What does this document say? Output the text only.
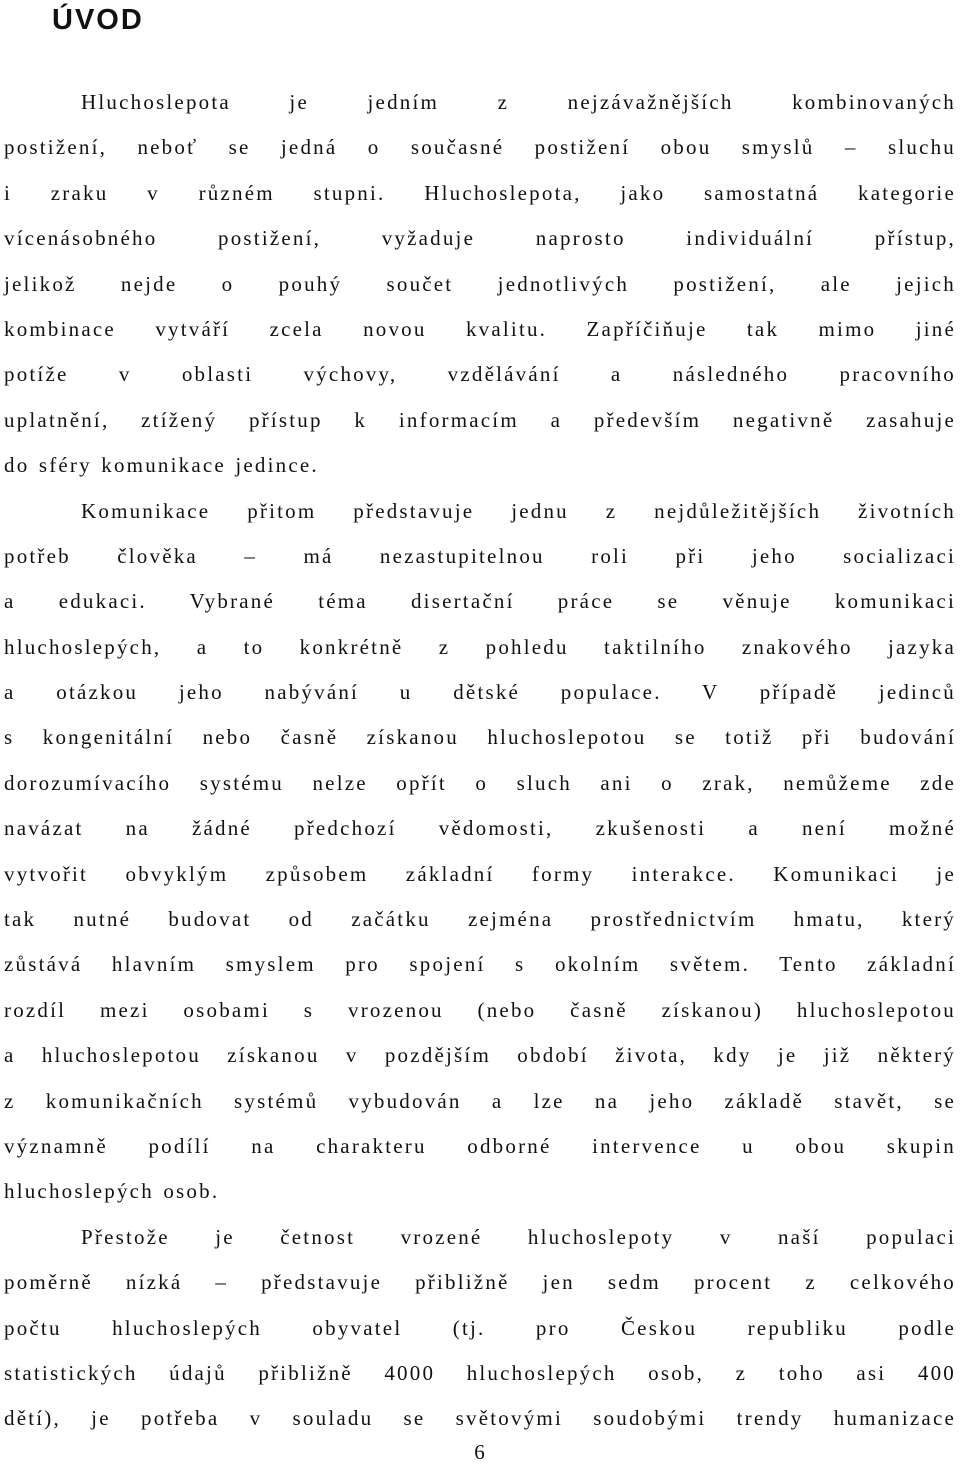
ÚVOD
Hluchoslepota je jedním z nejzávažnějších kombinovaných
postižení, neboť se jedná o současné postižení obou smyslů – sluchu
i zraku v různém stupni. Hluchoslepota, jako samostatná kategorie
vícenásobného postižení, vyžaduje naprosto individuální přístup,
jelikož nejde o pouhý součet jednotlivých postižení, ale jejich
kombinace vytváří zcela novou kvalitu. Zapříčiňuje tak mimo jiné
potíže v oblasti výchovy, vzdělávání a následného pracovního
uplatnění, ztížený přístup k informacím a především negativně zasahuje
do sféry komunikace jedince.
Komunikace přitom představuje jednu z nejdůležitějších životních
potřeb člověka – má nezastupitelnou roli při jeho socializaci
a edukaci. Vybrané téma disertační práce se věnuje komunikaci
hluchoslepých, a to konkrétně z pohledu taktilního znakového jazyka
a otázkou jeho nabývání u dětské populace. V případě jedinců
s kongenitální nebo časně získanou hluchoslepotou se totiž při budování
dorozumívacího systému nelze opřít o sluch ani o zrak, nemůžeme zde
navázat na žádné předchozí vědomosti, zkušenosti a není možné
vytvořit obvyklým způsobem základní formy interakce. Komunikaci je
tak nutné budovat od začátku zejména prostřednictvím hmatu, který
zůstává hlavním smyslem pro spojení s okolním světem. Tento základní
rozdíl mezi osobami s vrozenou (nebo časně získanou) hluchoslepotou
a hluchoslepotou získanou v pozdějším období života, kdy je již některý
z komunikačních systémů vybudován a lze na jeho základě stavět, se
významně podílí na charakteru odborné intervence u obou skupin
hluchoslepých osob.
Přestože je četnost vrozené hluchoslepoty v naší populaci
poměrně nízká – představuje přibližně jen sedm procent z celkového
počtu hluchoslepých obyvatel (tj. pro Českou republiku podle
statistických údajů přibližně 4000 hluchoslepých osob, z toho asi 400
dětí), je potřeba v souladu se světovými soudobými trendy humanizace
6
